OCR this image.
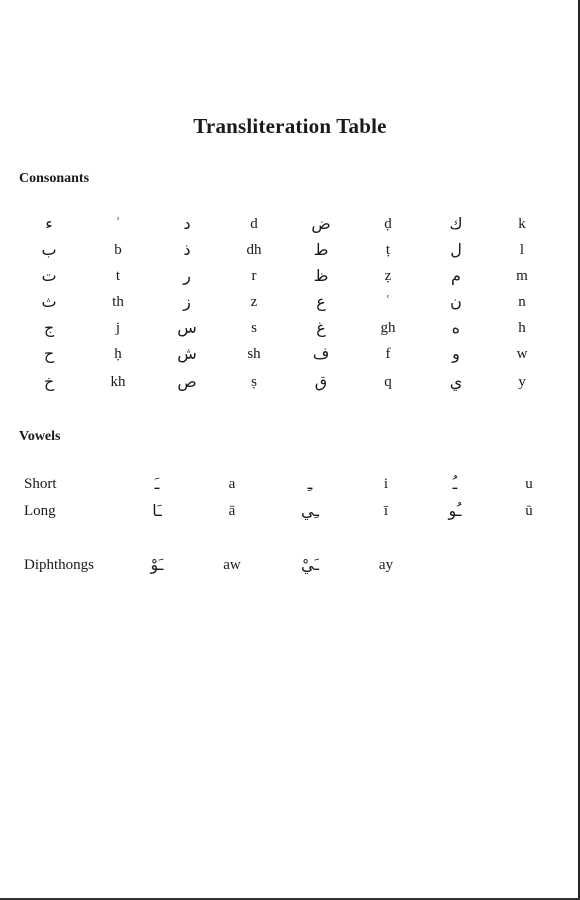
Transliteration Table
Consonants
ء	ʾ	د	d	ض	ḍ	ك	k
ب	b	ذ	dh	ط	ṭ	ل	l
ت	t	ر	r	ظ	ẓ	م	m
ث	th	ز	z	ع	ʿ	ن	n
ج	j	س	s	غ	gh	ه	h
ح	ḥ	ش	sh	ف	f	و	w
خ	kh	ص	ṣ	ق	q	ي	y
Vowels
Short	ـَ	a	ـِ	i	ـُ	u
Long	ـَا	ā	ـِي	ī	ـُو	ū
Diphthongs	ـَوْ	aw	ـَيْ	ay
